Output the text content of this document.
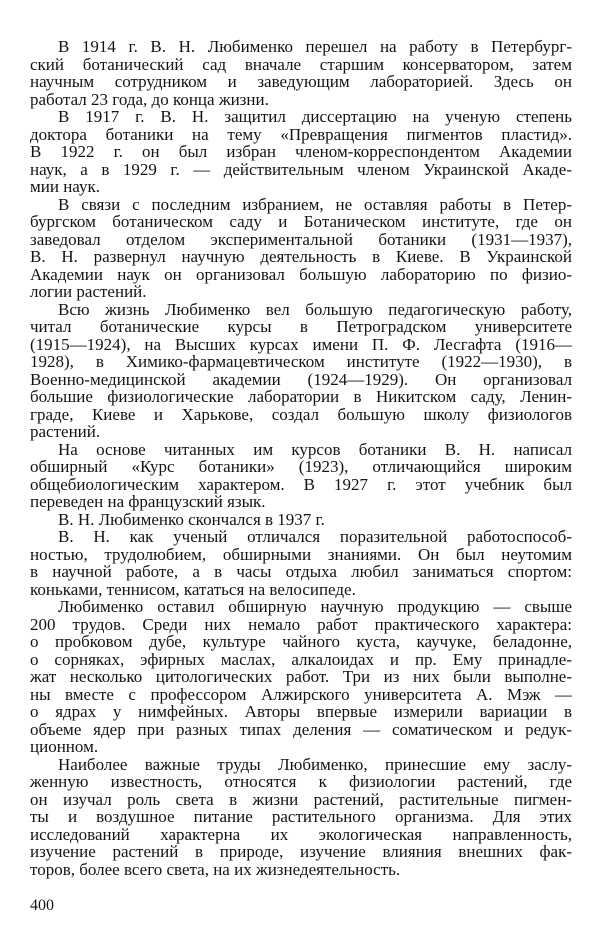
В 1914 г. В. Н. Любименко перешел на работу в Петербург-
ский ботанический сад вначале старшим консерватором, затем
научным сотрудником и заведующим лабораторией. Здесь он
работал 23 года, до конца жизни.
В 1917 г. В. Н. защитил диссертацию на ученую степень
доктора ботаники на тему «Превращения пигментов пластид».
В 1922 г. он был избран членом-корреспондентом Академии
наук, а в 1929 г. — действительным членом Украинской Акаде-
мии наук.
В связи с последним избранием, не оставляя работы в Петер-
бургском ботаническом саду и Ботаническом институте, где он
заведовал отделом экспериментальной ботаники (1931—1937),
В. Н. развернул научную деятельность в Киеве. В Украинской
Академии наук он организовал большую лабораторию по физио-
логии растений.
Всю жизнь Любименко вел большую педагогическую работу,
читал ботанические курсы в Петроградском университете
(1915—1924), на Высших курсах имени П. Ф. Лесгафта (1916—
1928), в Химико-фармацевтическом институте (1922—1930), в
Военно-медицинской академии (1924—1929). Он организовал
большие физиологические лаборатории в Никитском саду, Ленин-
граде, Киеве и Харькове, создал большую школу физиологов
растений.
На основе читанных им курсов ботаники В. Н. написал
обширный «Курс ботаники» (1923), отличающийся широким
общебиологическим характером. В 1927 г. этот учебник был
переведен на французский язык.
В. Н. Любименко скончался в 1937 г.
В. Н. как ученый отличался поразительной работоспособ-
ностью, трудолюбием, обширными знаниями. Он был неутомим
в научной работе, а в часы отдыха любил заниматься спортом:
коньками, теннисом, кататься на велосипеде.
Любименко оставил обширную научную продукцию — свыше
200 трудов. Среди них немало работ практического характера:
о пробковом дубе, культуре чайного куста, каучуке, беладонне,
о сорняках, эфирных маслах, алкалоидах и пр. Ему принадле-
жат несколько цитологических работ. Три из них были выполне-
ны вместе с профессором Алжирского университета А. Мэж —
о ядрах у нимфейных. Авторы впервые измерили вариации в
объеме ядер при разных типах деления — соматическом и редук-
ционном.
Наиболее важные труды Любименко, принесшие ему заслу-
женную известность, относятся к физиологии растений, где
он изучал роль света в жизни растений, растительные пигмен-
ты и воздушное питание растительного организма. Для этих
исследований характерна их экологическая направленность,
изучение растений в природе, изучение влияния внешних фак-
торов, более всего света, на их жизнедеятельность.
400
